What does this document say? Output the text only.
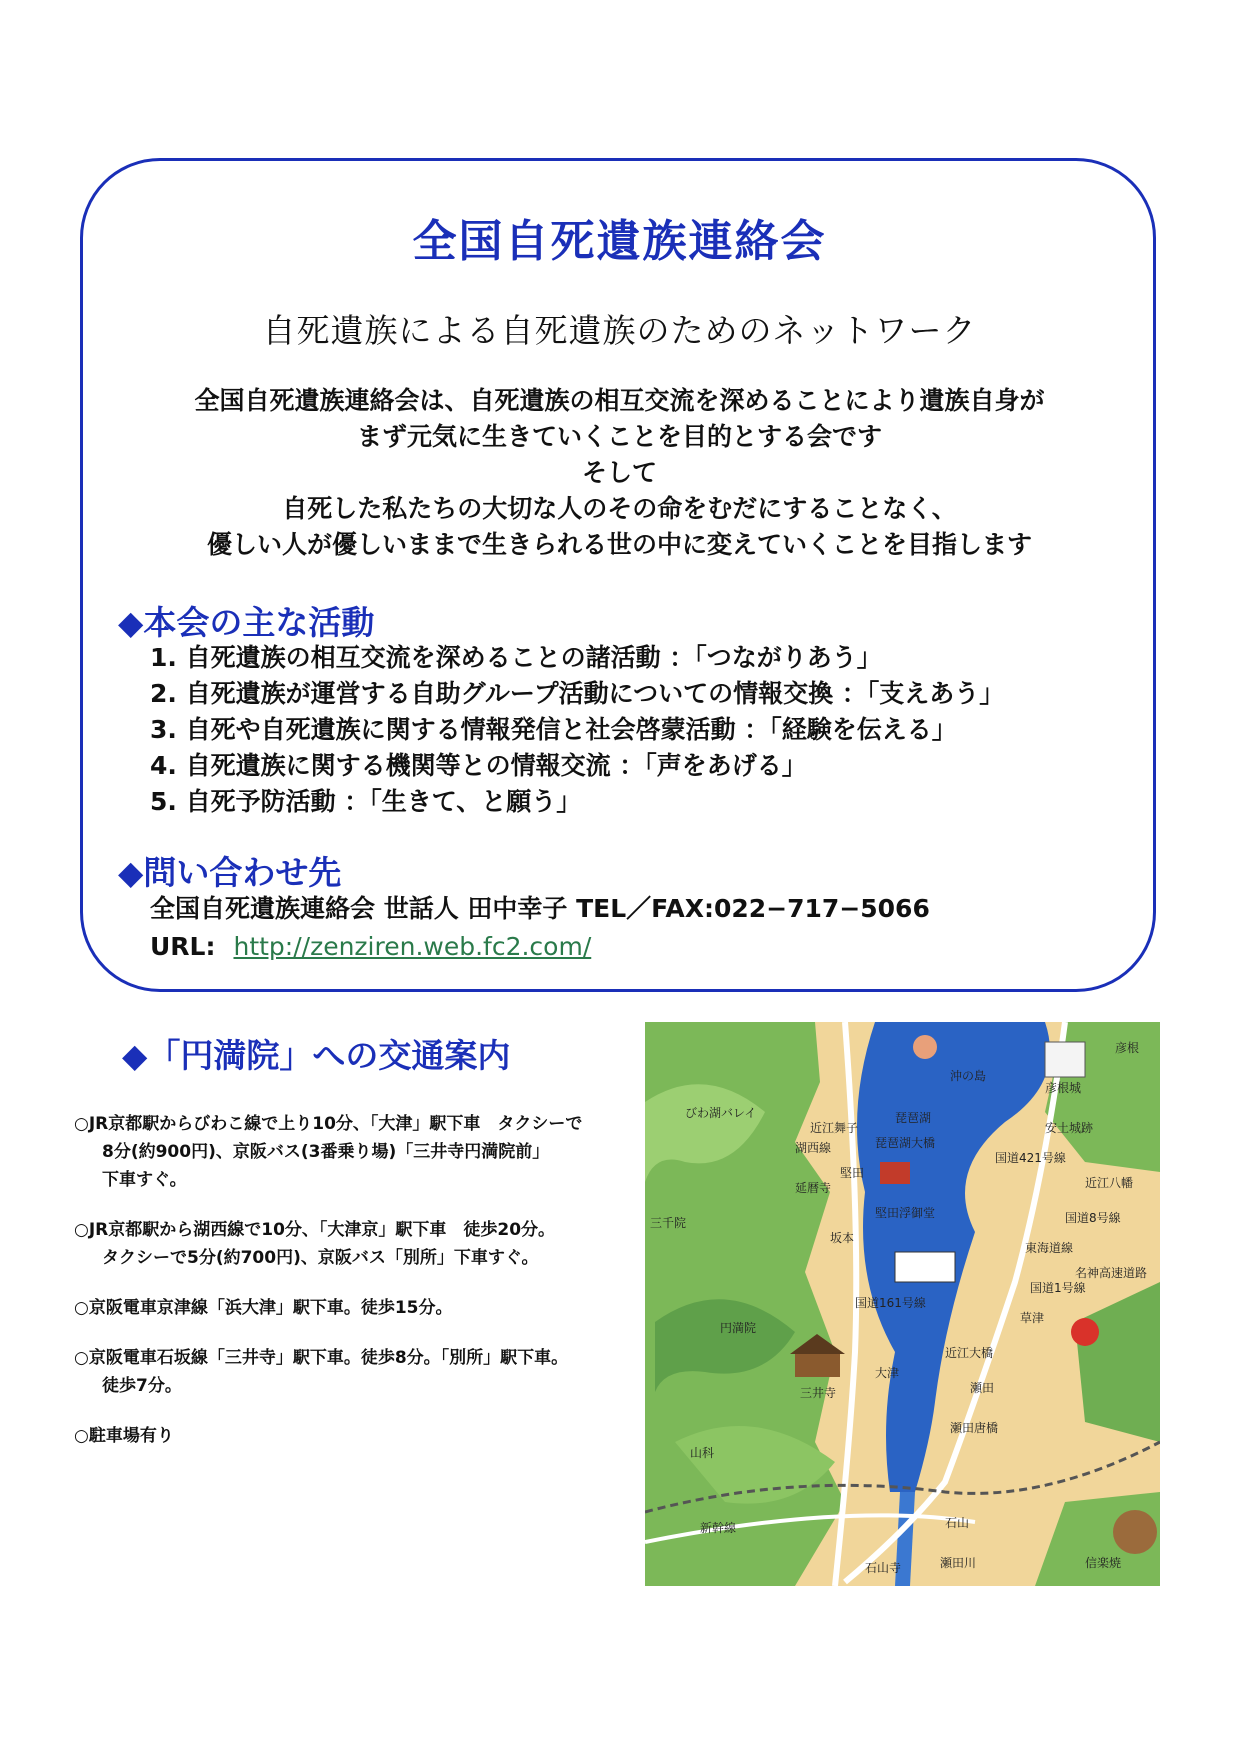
全国自死遺族連絡会
自死遺族による自死遺族のためのネットワーク
全国自死遺族連絡会は、自死遺族の相互交流を深めることにより遺族自身が
まず元気に生きていくことを目的とする会です
そして
自死した私たちの大切な人のその命をむだにすることなく、
優しい人が優しいままで生きられる世の中に変えていくことを目指します
◆本会の主な活動
1. 自死遺族の相互交流を深めることの諸活動 ：「つながりあう」
2. 自死遺族が運営する自助グループ活動についての情報交換 ：「支えあう」
3. 自死や自死遺族に関する情報発信と社会啓蒙活動 ：「経験を伝える」
4. 自死遺族に関する機関等との情報交流 ：「声をあげる」
5. 自死予防活動 ：「生きて、と願う」
◆問い合わせ先
全国自死遺族連絡会 世話人 田中幸子 TEL／FAX:022−717−5066
URL: http://zenziren.web.fc2.com/
◆「円満院」への交通案内
○JR京都駅からびわこ線で上り10分、「大津」駅下車　タクシーで
8分(約900円)、京阪バス(3番乗り場)「三井寺円満院前」
下車すぐ。
○JR京都駅から湖西線で10分、「大津京」駅下車　徒歩20分。
タクシーで5分(約700円)、京阪バス「別所」下車すぐ。
○京阪電車京津線「浜大津」駅下車。徒歩15分。
○京阪電車石坂線「三井寺」駅下車。徒歩8分。「別所」駅下車。
徒歩7分。
○駐車場有り
びわ湖バレイ
沖の島
琵琶湖
彦根
彦根城
安土城跡
国道421号線
近江八幡
琵琶湖大橋
堅田浮御堂
延暦寺
三千院
堅田
坂本
湖西線
国道161号線
国道8号線
東海道線
草津
円満院
三井寺
近江大橋
大津
瀬田
瀬田唐橋
山科
新幹線
石山寺
石山
瀬田川	信楽焼
名神高速道路
国道1号線
近江舞子
